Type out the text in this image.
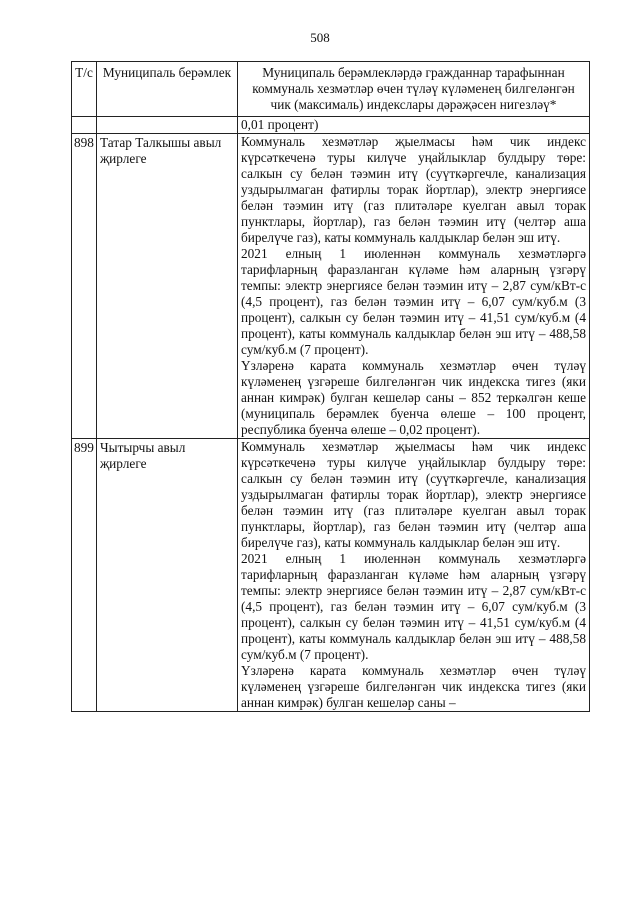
508
Т/с	Муниципаль берәмлек	Муниципаль берәмлекләрдә гражданнар тарафыннан коммуналь хезмәтләр өчен түләү күләменең билгеләнгән чик (максималь) индекслары дәрәҗәсен нигезләү*
		0,01 процент)
898	Татар Талкышы авыл җирлеге	Коммуналь хезмәтләр җыелмасы һәм чик индекс күрсәткеченә туры килүче уңайлыклар булдыру төре: салкын су белән тәэмин итү (суүткәргечле, канализация уздырылмаган фатирлы торак йортлар), электр энергиясе белән тәэмин итү (газ плитәләре куелган авыл торак пунктлары, йортлар), газ белән тәэмин итү (челтәр аша бирелүче газ), каты коммуналь калдыклар белән эш итү.

2021 елның 1 июленнән коммуналь хезмәтләргә тарифларның фаразланган күләме һәм аларның үзгәрү темпы: электр энергиясе белән тәэмин итү – 2,87 сум/кВт-с (4,5 процент), газ белән тәэмин итү – 6,07 сум/куб.м (3 процент), салкын су белән тәэмин итү – 41,51 сум/куб.м (4 процент), каты коммуналь калдыклар белән эш итү – 488,58 сум/куб.м (7 процент).

Үзләренә карата коммуналь хезмәтләр өчен түләү күләменең үзгәреше билгеләнгән чик индекска тигез (яки аннан кимрәк) булган кешеләр саны – 852 теркәлгән кеше (муниципаль берәмлек буенча өлеше – 100 процент, республика буенча өлеше – 0,02 процент).

899	Чытырчы авыл җирлеге	Коммуналь хезмәтләр җыелмасы һәм чик индекс күрсәткеченә туры килүче уңайлыклар булдыру төре: салкын су белән тәэмин итү (суүткәргечле, канализация уздырылмаган фатирлы торак йортлар), электр энергиясе белән тәэмин итү (газ плитәләре куелган авыл торак пунктлары, йортлар), газ белән тәэмин итү (челтәр аша бирелүче газ), каты коммуналь калдыклар белән эш итү.

2021 елның 1 июленнән коммуналь хезмәтләргә тарифларның фаразланган күләме һәм аларның үзгәрү темпы: электр энергиясе белән тәэмин итү – 2,87 сум/кВт-с (4,5 процент), газ белән тәэмин итү – 6,07 сум/куб.м (3 процент), салкын су белән тәэмин итү – 41,51 сум/куб.м (4 процент), каты коммуналь калдыклар белән эш итү – 488,58 сум/куб.м (7 процент).

Үзләренә карата коммуналь хезмәтләр өчен түләү күләменең үзгәреше билгеләнгән чик индекска тигез (яки аннан кимрәк) булган кешеләр саны –
